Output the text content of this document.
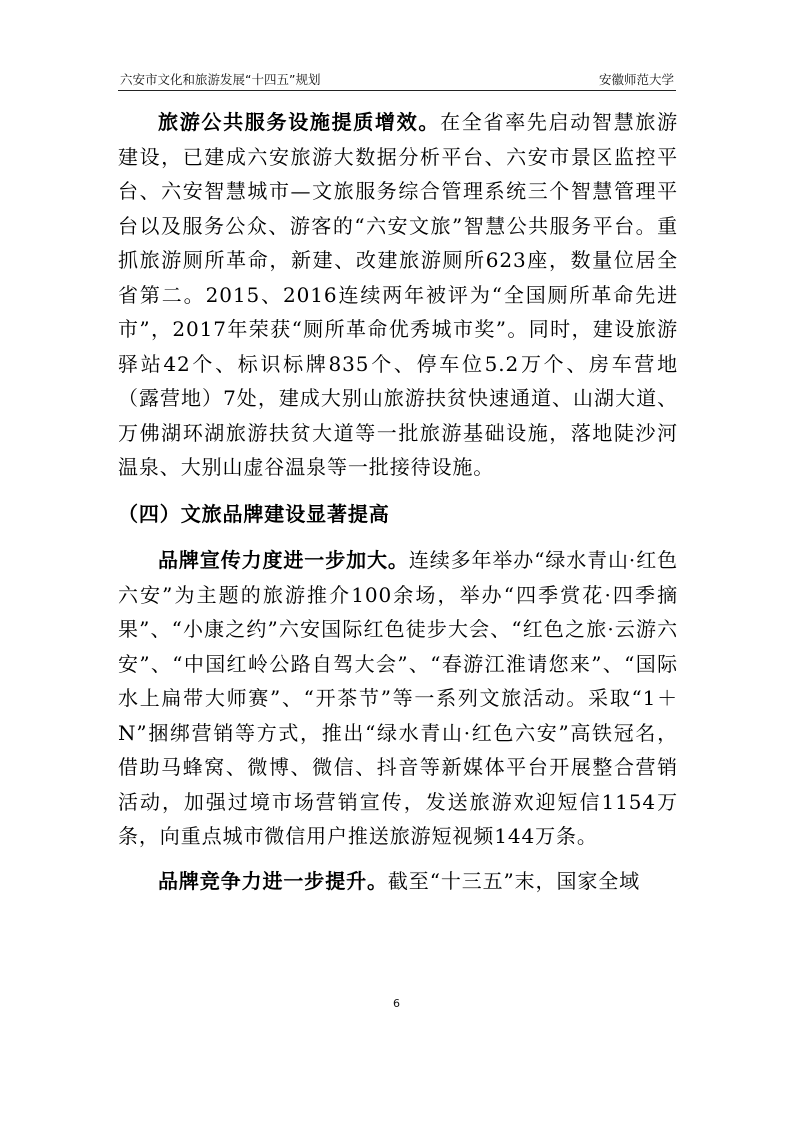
六安市文化和旅游发展“十四五”规划	安徽师范大学

旅游公共服务设施提质增效。在全省率先启动智慧旅游建设，已建成六安旅游大数据分析平台、六安市景区监控平台、六安智慧城市—文旅服务综合管理系统三个智慧管理平台以及服务公众、游客的“六安文旅”智慧公共服务平台。重抓旅游厕所革命，新建、改建旅游厕所623座，数量位居全省第二。2015、2016连续两年被评为“全国厕所革命先进市”，2017年荣获“厕所革命优秀城市奖”。同时，建设旅游驿站42个、标识标牌835个、停车位5.2万个、房车营地（露营地）7处，建成大别山旅游扶贫快速通道、山湖大道、万佛湖环湖旅游扶贫大道等一批旅游基础设施，落地陡沙河温泉、大别山虚谷温泉等一批接待设施。

（四）文旅品牌建设显著提高

品牌宣传力度进一步加大。连续多年举办“绿水青山·红色六安”为主题的旅游推介100余场，举办“四季赏花·四季摘果”、“小康之约”六安国际红色徒步大会、“红色之旅·云游六安”、“中国红岭公路自驾大会”、“春游江淮请您来”、“国际水上扁带大师赛”、“开茶节”等一系列文旅活动。采取“1＋N”捆绑营销等方式，推出“绿水青山·红色六安”高铁冠名，借助马蜂窝、微博、微信、抖音等新媒体平台开展整合营销活动，加强过境市场营销宣传，发送旅游欢迎短信1154万条，向重点城市微信用户推送旅游短视频144万条。

品牌竞争力进一步提升。截至“十三五”末，国家全域

6
